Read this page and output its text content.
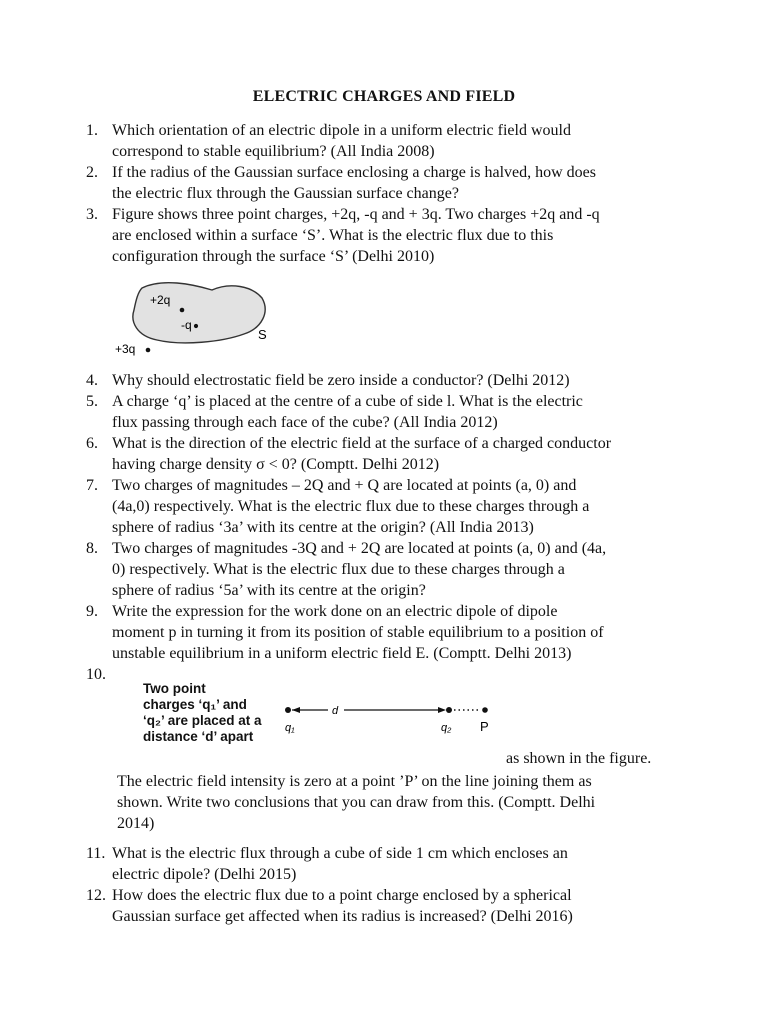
ELECTRIC CHARGES AND FIELD
1. Which orientation of an electric dipole in a uniform electric field would
correspond to stable equilibrium? (All India 2008)
2. If the radius of the Gaussian surface enclosing a charge is halved, how does
the electric flux through the Gaussian surface change?
3. Figure shows three point charges, +2q, -q and + 3q. Two charges +2q and -q
are enclosed within a surface ‘S’. What is the electric flux due to this
configuration through the surface ‘S’ (Delhi 2010)
+2q
-q
S
+3q
4. Why should electrostatic field be zero inside a conductor? (Delhi 2012)
5. A charge ‘q’ is placed at the centre of a cube of side l. What is the electric
flux passing through each face of the cube? (All India 2012)
6. What is the direction of the electric field at the surface of a charged conductor
having charge density σ < 0? (Comptt. Delhi 2012)
7. Two charges of magnitudes – 2Q and + Q are located at points (a, 0) and
(4a,0) respectively. What is the electric flux due to these charges through a
sphere of radius ‘3a’ with its centre at the origin? (All India 2013)
8. Two charges of magnitudes -3Q and + 2Q are located at points (a, 0) and (4a,
0) respectively. What is the electric flux due to these charges through a
sphere of radius ‘5a’ with its centre at the origin?
9. Write the expression for the work done on an electric dipole of dipole
moment p in turning it from its position of stable equilibrium to a position of
unstable equilibrium in a uniform electric field E. (Comptt. Delhi 2013)
10.
Two point
charges ‘q₁’ and
‘q₂’ are placed at a
distance ‘d’ apart
d
q₁	q₂ P
as shown in the figure.
The electric field intensity is zero at a point ’P’ on the line joining them as
shown. Write two conclusions that you can draw from this. (Comptt. Delhi
2014)
11. What is the electric flux through a cube of side 1 cm which encloses an
electric dipole? (Delhi 2015)
12. How does the electric flux due to a point charge enclosed by a spherical
Gaussian surface get affected when its radius is increased? (Delhi 2016)
